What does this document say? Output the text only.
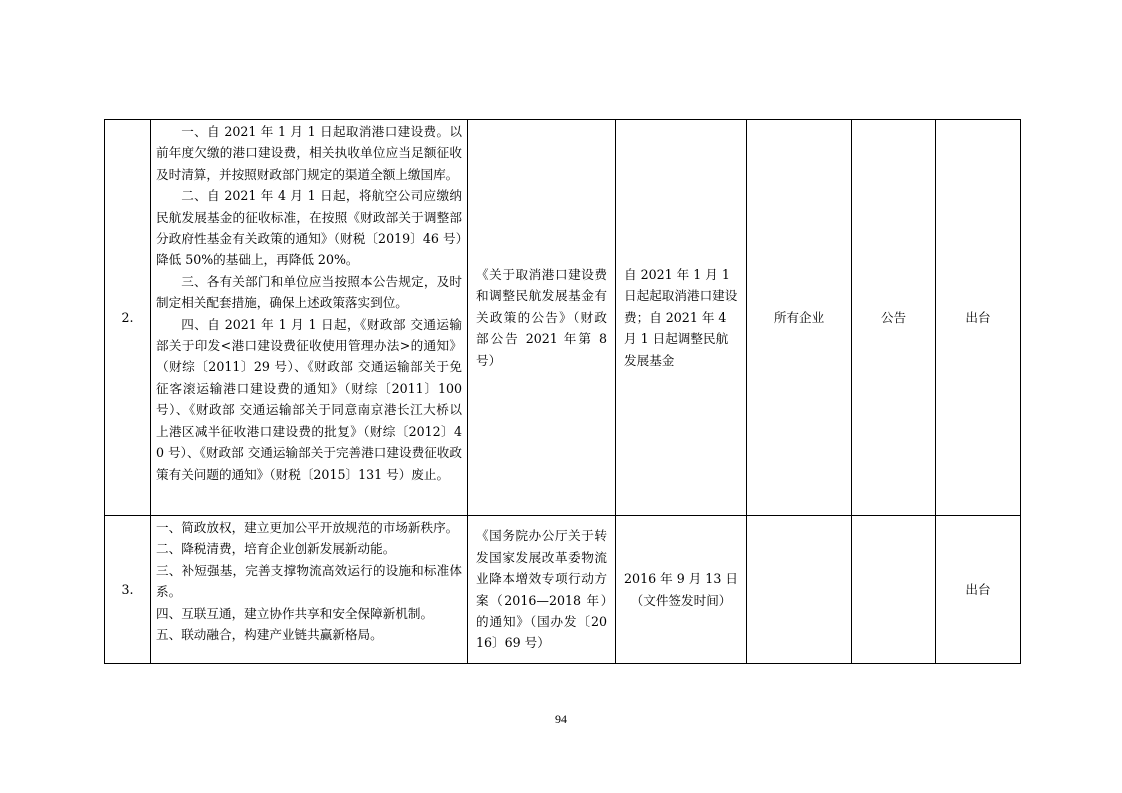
2.	一、自 2021 年 1 月 1 日起取消港口建设费。以前年度欠缴的港口建设费，相关执收单位应当足额征收及时清算，并按照财政部门规定的渠道全额上缴国库。

二、自 2021 年 4 月 1 日起，将航空公司应缴纳民航发展基金的征收标准，在按照《财政部关于调整部分政府性基金有关政策的通知》（财税〔2019〕46 号）降低 50%的基础上，再降低 20%。

三、各有关部门和单位应当按照本公告规定，及时制定相关配套措施，确保上述政策落实到位。

四、自 2021 年 1 月 1 日起，《财政部 交通运输部关于印发<港口建设费征收使用管理办法>的通知》（财综〔2011〕29 号）、《财政部 交通运输部关于免征客滚运输港口建设费的通知》（财综〔2011〕100 号）、《财政部 交通运输部关于同意南京港长江大桥以上港区减半征收港口建设费的批复》（财综〔2012〕40 号）、《财政部 交通运输部关于完善港口建设费征收政策有关问题的通知》（财税〔2015〕131 号）废止。	《关于取消港口建设费和调整民航发展基金有关政策的公告》（财政部公告 2021 年第 8 号）	自 2021 年 1 月 1 日起起取消港口建设费；自 2021 年 4 月 1 日起调整民航发展基金	所有企业	公告	出台
3.	一、简政放权，建立更加公平开放规范的市场新秩序。

二、降税清费，培育企业创新发展新动能。

三、补短强基，完善支撑物流高效运行的设施和标准体系。

四、互联互通，建立协作共享和安全保障新机制。

五、联动融合，构建产业链共赢新格局。	《国务院办公厅关于转发国家发展改革委物流业降本增效专项行动方案（2016—2018 年）的通知》（国办发〔2016〕69 号）	2016 年 9 月 13 日（文件签发时间）			出台
94
